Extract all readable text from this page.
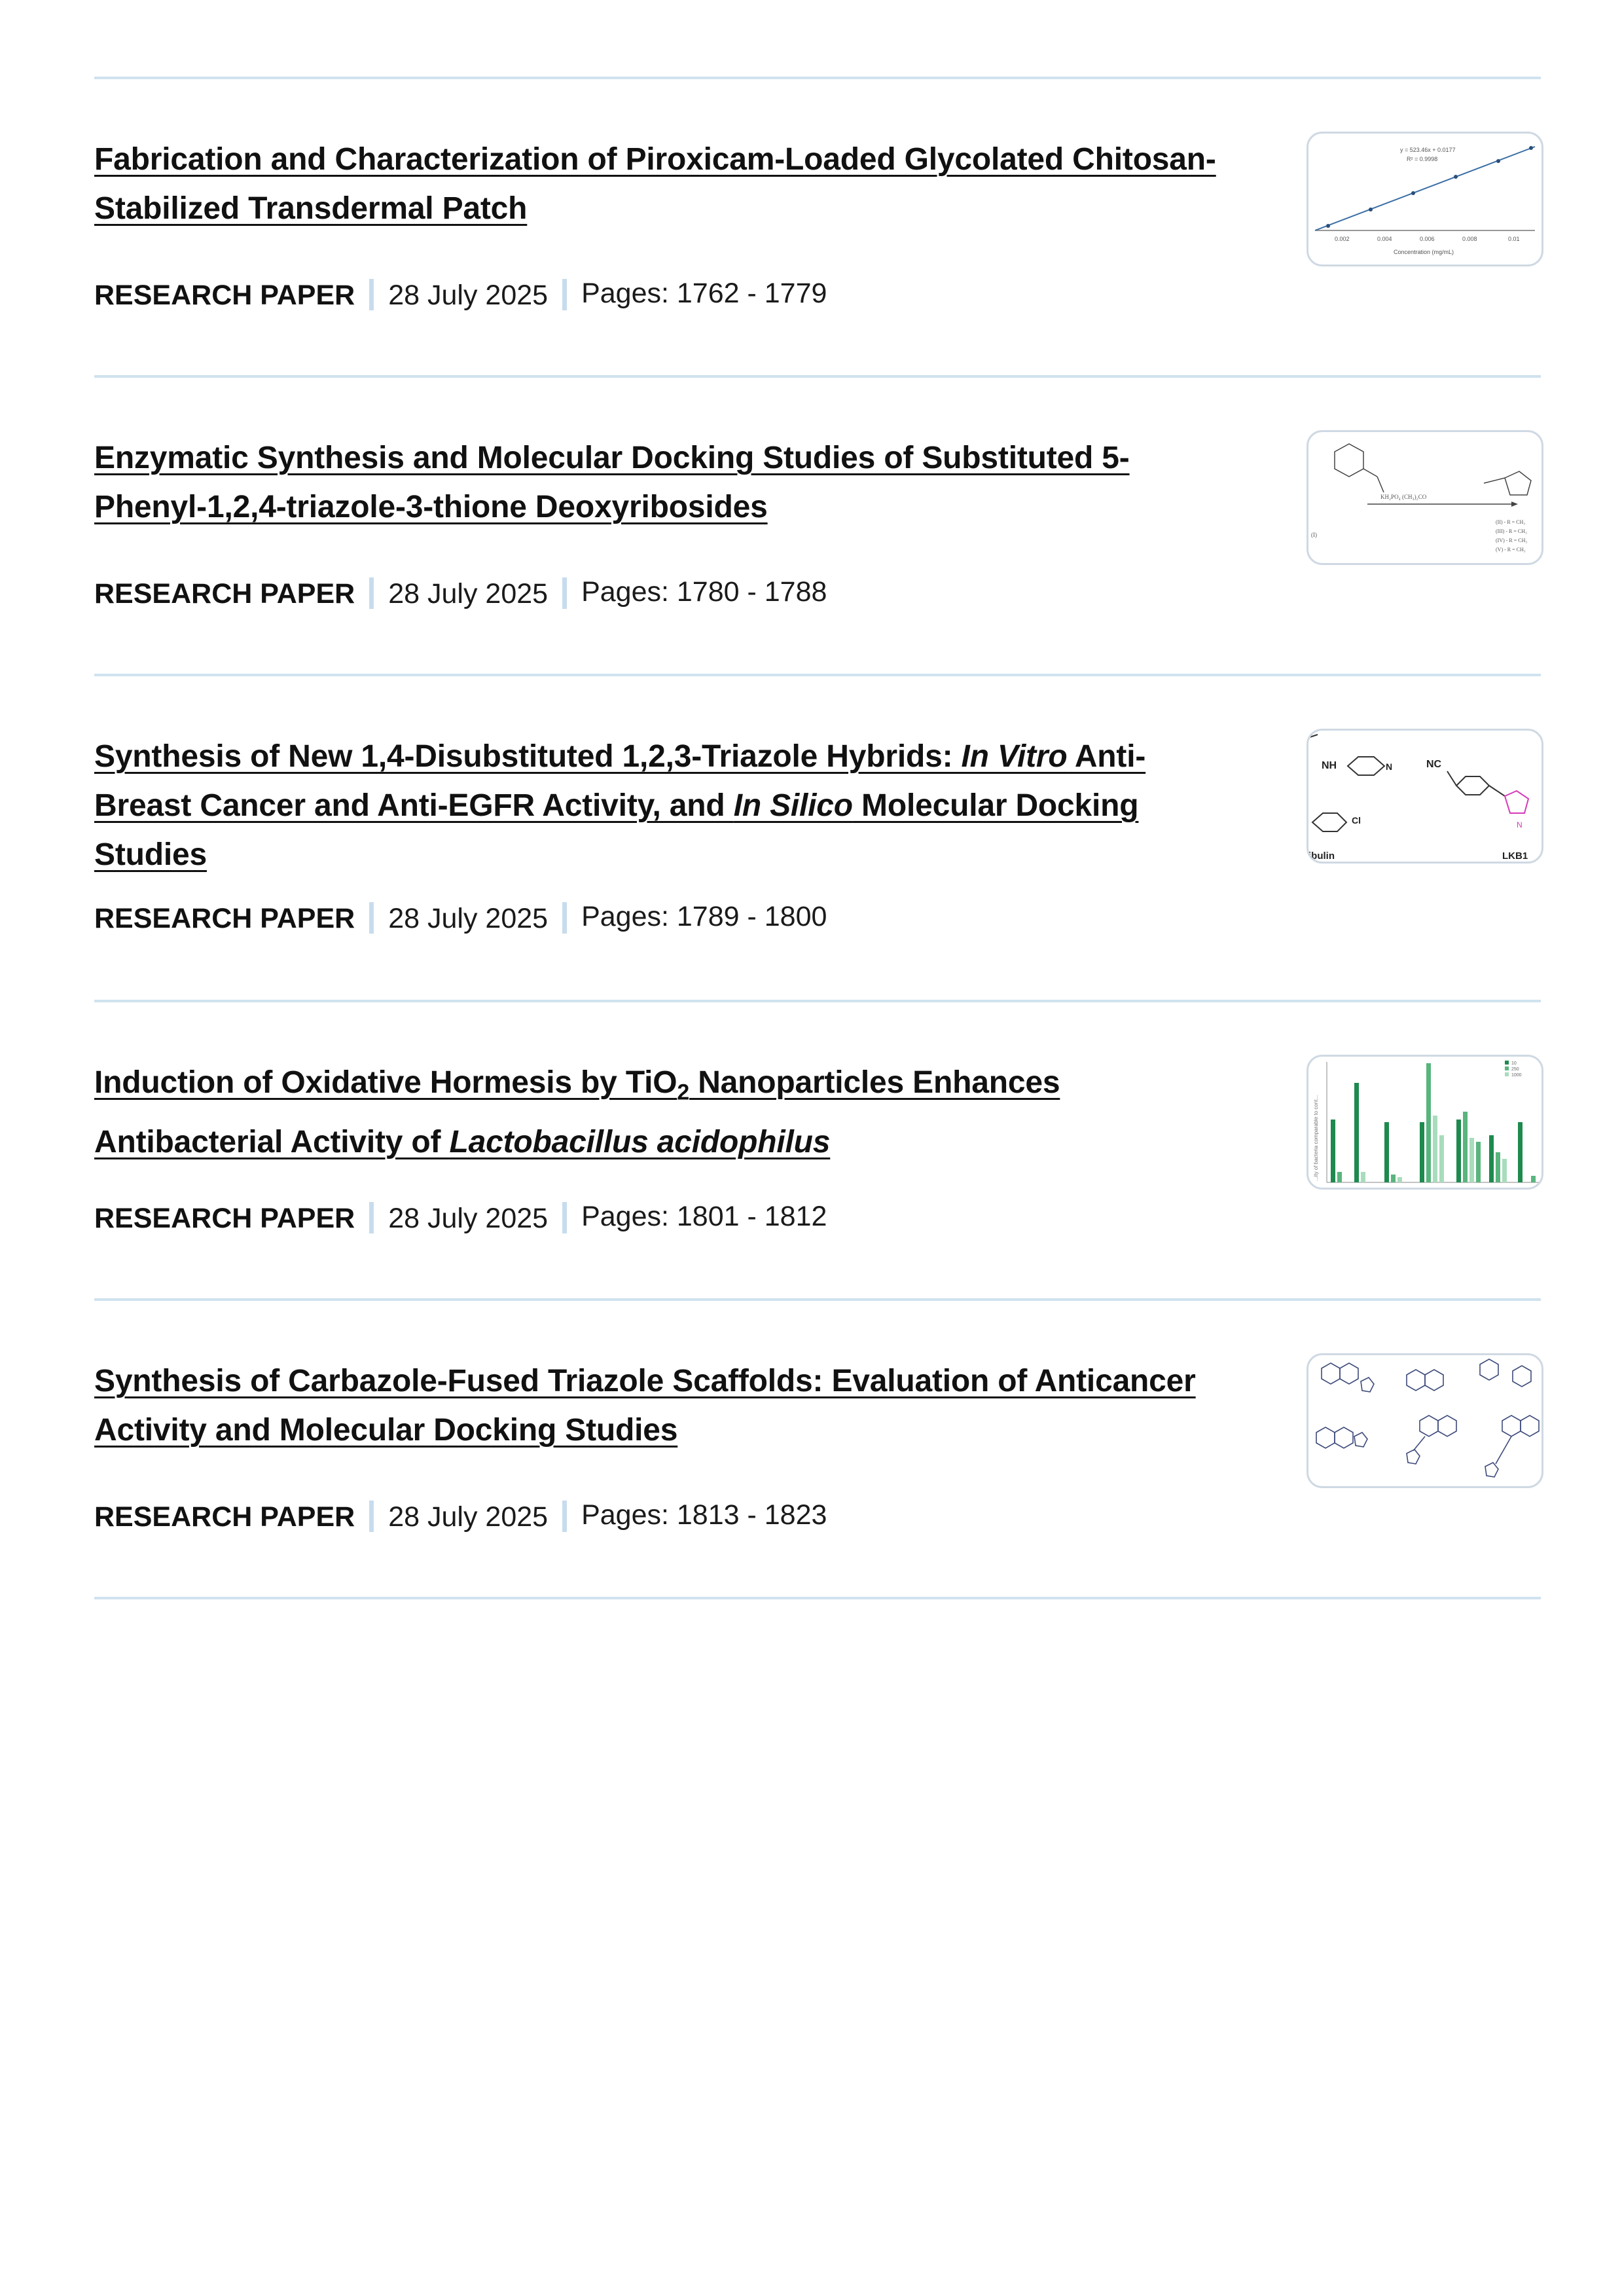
Fabrication and Characterization of Piroxicam-Loaded Glycolated Chitosan-Stabilized Transdermal Patch
RESEARCH PAPER 28 July 2025 Pages: 1762 - 1779
y = 523.46x + 0.0177
R² = 0.9998
0.002	0.004	0.006	0.008	0.01
Concentration (mg/mL)
Enzymatic Synthesis and Molecular Docking Studies of Substituted 5-Phenyl-1,2,4-triazole-3-thione Deoxyribosides
RESEARCH PAPER 28 July 2025 Pages: 1780 - 1788
KH₂PO₄ (CH₃)₂CO
(I)
(II) - R = CH₃
(III) - R = CH₃
(IV) - R = CH₃
(V) - R = CH₃
Synthesis of New 1,4-Disubstituted 1,2,3-Triazole Hybrids: In Vitro Anti-Breast Cancer and Anti-EGFR Activity, and In Silico Molecular Docking Studies
RESEARCH PAPER 28 July 2025 Pages: 1789 - 1800
NH	N	NC
N
Cl
ibulin	LKB1
Induction of Oxidative Hormesis by TiO$_2$ Nanoparticles Enhances Antibacterial Activity of Lactobacillus acidophilus
RESEARCH PAPER 28 July 2025 Pages: 1801 - 1812
...ity of bacteria comparable to cont...
10
250
1000
Synthesis of Carbazole-Fused Triazole Scaffolds: Evaluation of Anticancer Activity and Molecular Docking Studies
RESEARCH PAPER 28 July 2025 Pages: 1813 - 1823
